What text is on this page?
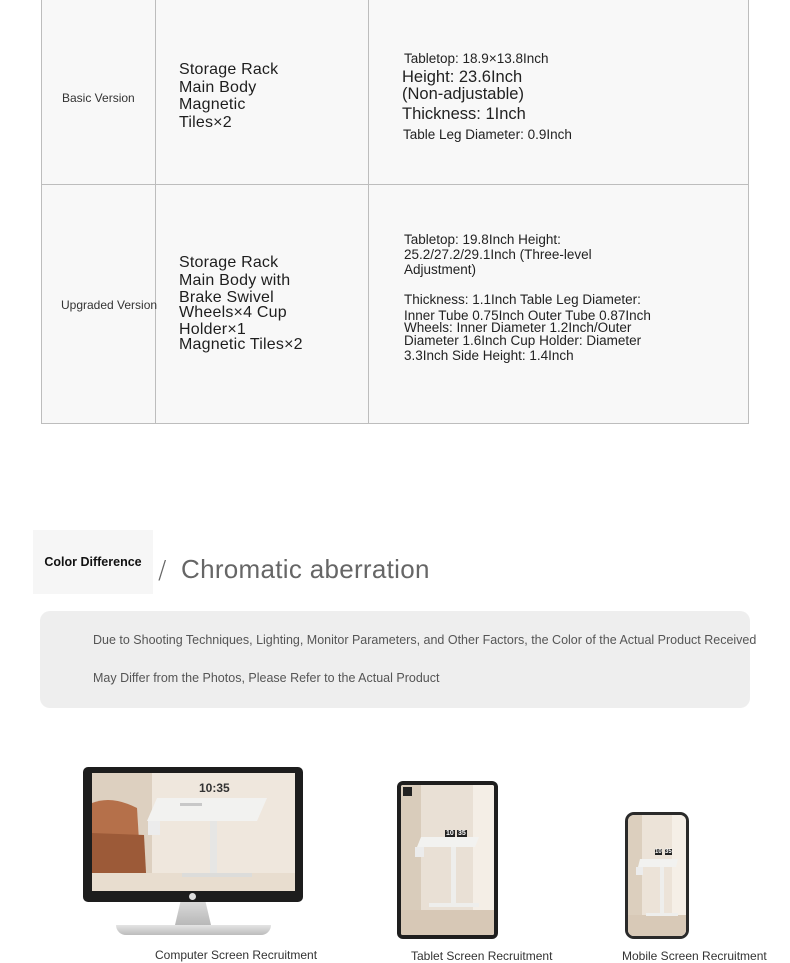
Basic Version
Storage Rack
Main Body
Magnetic
Tiles×2
Tabletop: 18.9×13.8Inch
Height: 23.6Inch
(Non-adjustable)
Thickness: 1Inch
Table Leg Diameter: 0.9Inch
Upgraded Version
Storage Rack
Main Body with
Brake Swivel
Wheels×4 Cup
Holder×1
Magnetic Tiles×2
Tabletop: 19.8Inch Height:
25.2/27.2/29.1Inch (Three-level
Adjustment)
Thickness: 1.1Inch Table Leg Diameter:
Inner Tube 0.75Inch Outer Tube 0.87Inch
Wheels: Inner Diameter 1.2Inch/Outer
Diameter 1.6Inch Cup Holder: Diameter
3.3Inch Side Height: 1.4Inch
Color Difference / Chromatic aberration
Due to Shooting Techniques, Lighting, Monitor Parameters, and Other Factors, the Color of the Actual Product Received
May Differ from the Photos, Please Refer to the Actual Product
10:35
10 35
10 35
Computer Screen Recruitment	Tablet Screen Recruitment	Mobile Screen Recruitment
